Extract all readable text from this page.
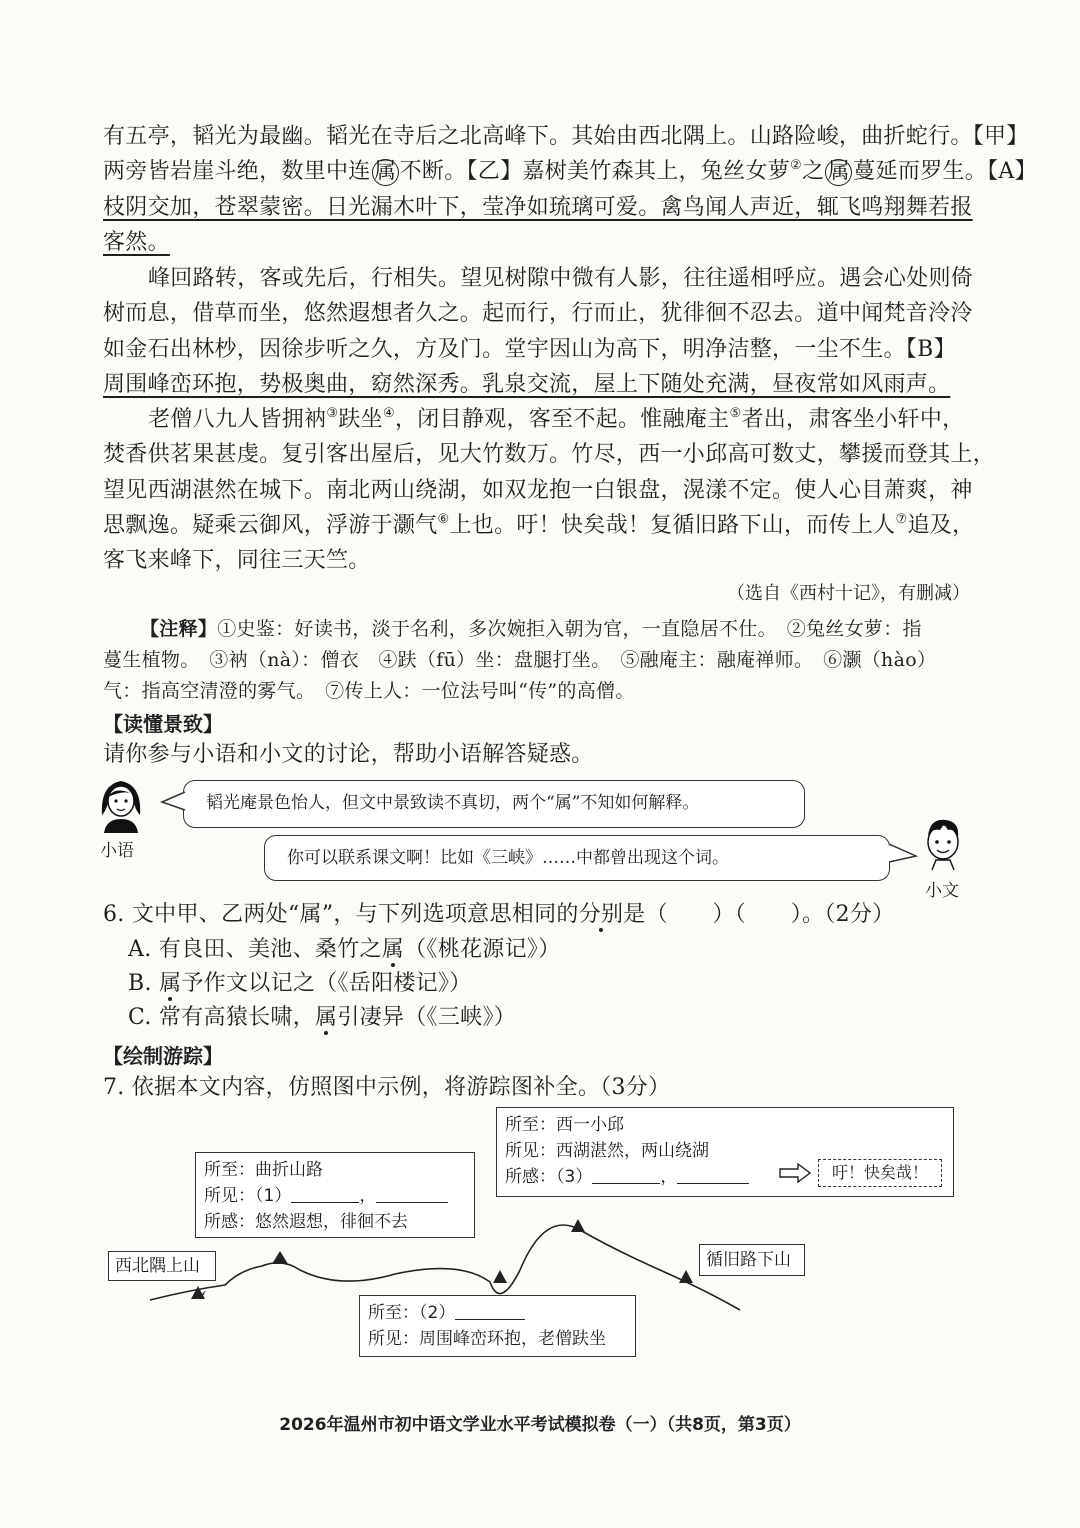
有五亭，韬光为最幽。韬光在寺后之北高峰下。其始由西北隅上。山路险峻，曲折蛇行。【甲】
两旁皆岩崖斗绝，数里中连 属 不断。【乙】嘉树美竹森其上，兔丝女萝②之 属 蔓延而罗生。【A】
枝阴交加，苍翠蒙密。日光漏木叶下，莹净如琉璃可爱。禽鸟闻人声近，辄飞鸣翔舞若报
客然。
峰回路转，客或先后，行相失。望见树隙中微有人影，往往遥相呼应。遇会心处则倚
树而息，借草而坐，悠然遐想者久之。起而行，行而止，犹徘徊不忍去。道中闻梵音泠泠
如金石出林杪，因徐步听之久，方及门。堂宇因山为高下，明净洁整，一尘不生。【B】
周围峰峦环抱，势极奥曲，窈然深秀。乳泉交流，屋上下随处充满，昼夜常如风雨声。
老僧八九人皆拥衲③趺坐④，闭目静观，客至不起。惟融庵主⑤者出，肃客坐小轩中，
焚香供茗果甚虔。复引客出屋后，见大竹数万。竹尽，西一小邱高可数丈，攀援而登其上，
望见西湖湛然在城下。南北两山绕湖，如双龙抱一白银盘，滉漾不定。使人心目萧爽，神
思飘逸。疑乘云御风，浮游于灏气⑥上也。吁！快矣哉！复循旧路下山，而传上人⑦追及，
客飞来峰下，同往三天竺。
（选自《西村十记》，有删减）
【注释】①史鉴：好读书，淡于名利，多次婉拒入朝为官，一直隐居不仕。　②兔丝女萝：指
蔓生植物。　③衲（nà）：僧衣　④趺（fū）坐：盘腿打坐。　⑤融庵主：融庵禅师。　⑥灏（hào）
气：指高空清澄的雾气。　⑦传上人：一位法号叫“传”的高僧。
【读懂景致】
请你参与小语和小文的讨论，帮助小语解答疑惑。
小语
韬光庵景色怡人，但文中景致读不真切，两个“属”不知如何解释。
你可以联系课文啊！比如《三峡》……中都曾出现这个词。
小文
6. 文中甲、乙两处“属”，与下列选项意思相同的分别是（　　）（　　）。（2分）
A. 有良田、美池、桑竹之属（《桃花源记》）
B. 属予作文以记之（《岳阳楼记》）
C. 常有高猿长啸，属引凄异（《三峡》）
【绘制游踪】
7. 依据本文内容，仿照图中示例，将游踪图补全。（3分）
西北隅上山	循旧路下山
所至：曲折山路
所见：（1）	，
所感：悠然遐想，徘徊不去
所至：（2）
所见：周围峰峦环抱，老僧趺坐
所至：西一小邱
所见：西湖湛然，两山绕湖
所感：（3）	，	吁！快矣哉！
2026年温州市初中语文学业水平考试模拟卷（一）（共8页，第3页）
